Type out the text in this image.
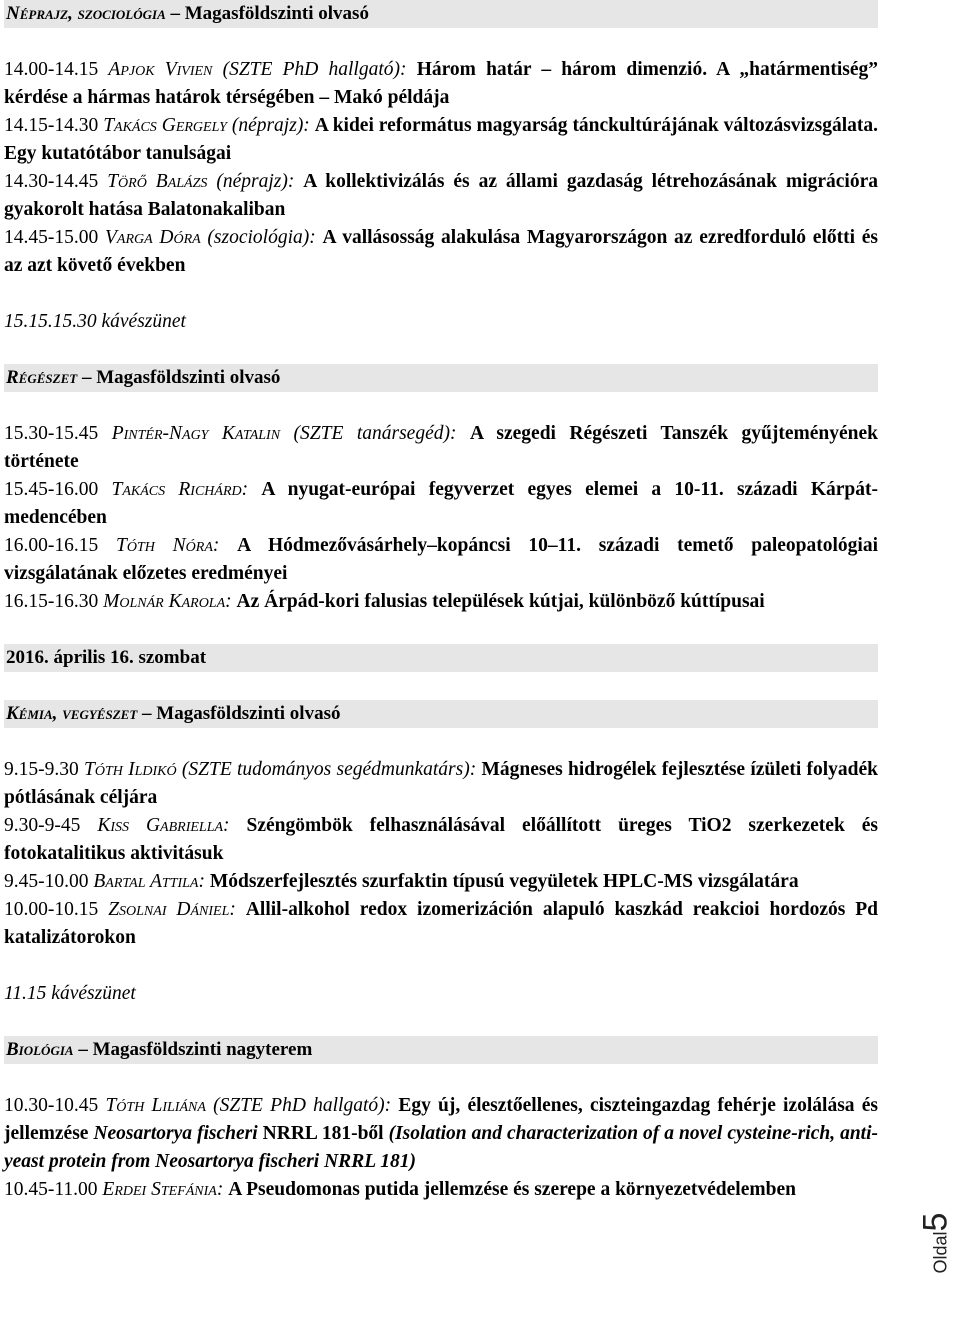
Néprajz, szociológia – Magasföldszinti olvasó
14.00-14.15 Apjok Vivien (SZTE PhD hallgató): Három határ – három dimenzió. A „határmentiség” kérdése a hármas határok térségében – Makó példája
14.15-14.30 Takács Gergely (néprajz): A kidei református magyarság tánckultúrájának változásvizsgálata. Egy kutatótábor tanulságai
14.30-14.45 Törő Balázs (néprajz): A kollektivizálás és az állami gazdaság létrehozásának migrációra gyakorolt hatása Balatonakaliban
14.45-15.00 Varga Dóra (szociológia): A vallásosság alakulása Magyarországon az ezredforduló előtti és az azt követő években
15.15.15.30 kávészünet
Régészet – Magasföldszinti olvasó
15.30-15.45 Pintér-Nagy Katalin (SZTE tanársegéd): A szegedi Régészeti Tanszék gyűjteményének története
15.45-16.00 Takács Richárd: A nyugat-európai fegyverzet egyes elemei a 10-11. századi Kárpát-medencében
16.00-16.15 Tóth Nóra: A Hódmezővásárhely–kopáncsi 10–11. századi temető paleopatológiai vizsgálatának előzetes eredményei
16.15-16.30 Molnár Karola: Az Árpád-kori falusias települések kútjai, különböző kúttípusai
2016. április 16. szombat
Kémia, vegyészet – Magasföldszinti olvasó
9.15-9.30 Tóth Ildikó (SZTE tudományos segédmunkatárs): Mágneses hidrogélek fejlesztése ízületi folyadék pótlásának céljára
9.30-9-45 Kiss Gabriella: Széngömbök felhasználásával előállított üreges TiO2 szerkezetek és fotokatalitikus aktivitásuk
9.45-10.00 Bartal Attila: Módszerfejlesztés szurfaktin típusú vegyületek HPLC-MS vizsgálatára
10.00-10.15 Zsolnai Dániel: Allil-alkohol redox izomerizáción alapuló kaszkád reakcioi hordozós Pd katalizátorokon
11.15 kávészünet
Biológia – Magasföldszinti nagyterem
10.30-10.45 Tóth Liliána (SZTE PhD hallgató): Egy új, élesztőellenes, ciszteingazdag fehérje izolálása és jellemzése Neosartorya fischeri NRRL 181-ből (Isolation and characterization of a novel cysteine-rich, anti-yeast protein from Neosartorya fischeri NRRL 181)
10.45-11.00 Erdei Stefánia: A Pseudomonas putida jellemzése és szerepe a környezetvédelemben
Oldal5
